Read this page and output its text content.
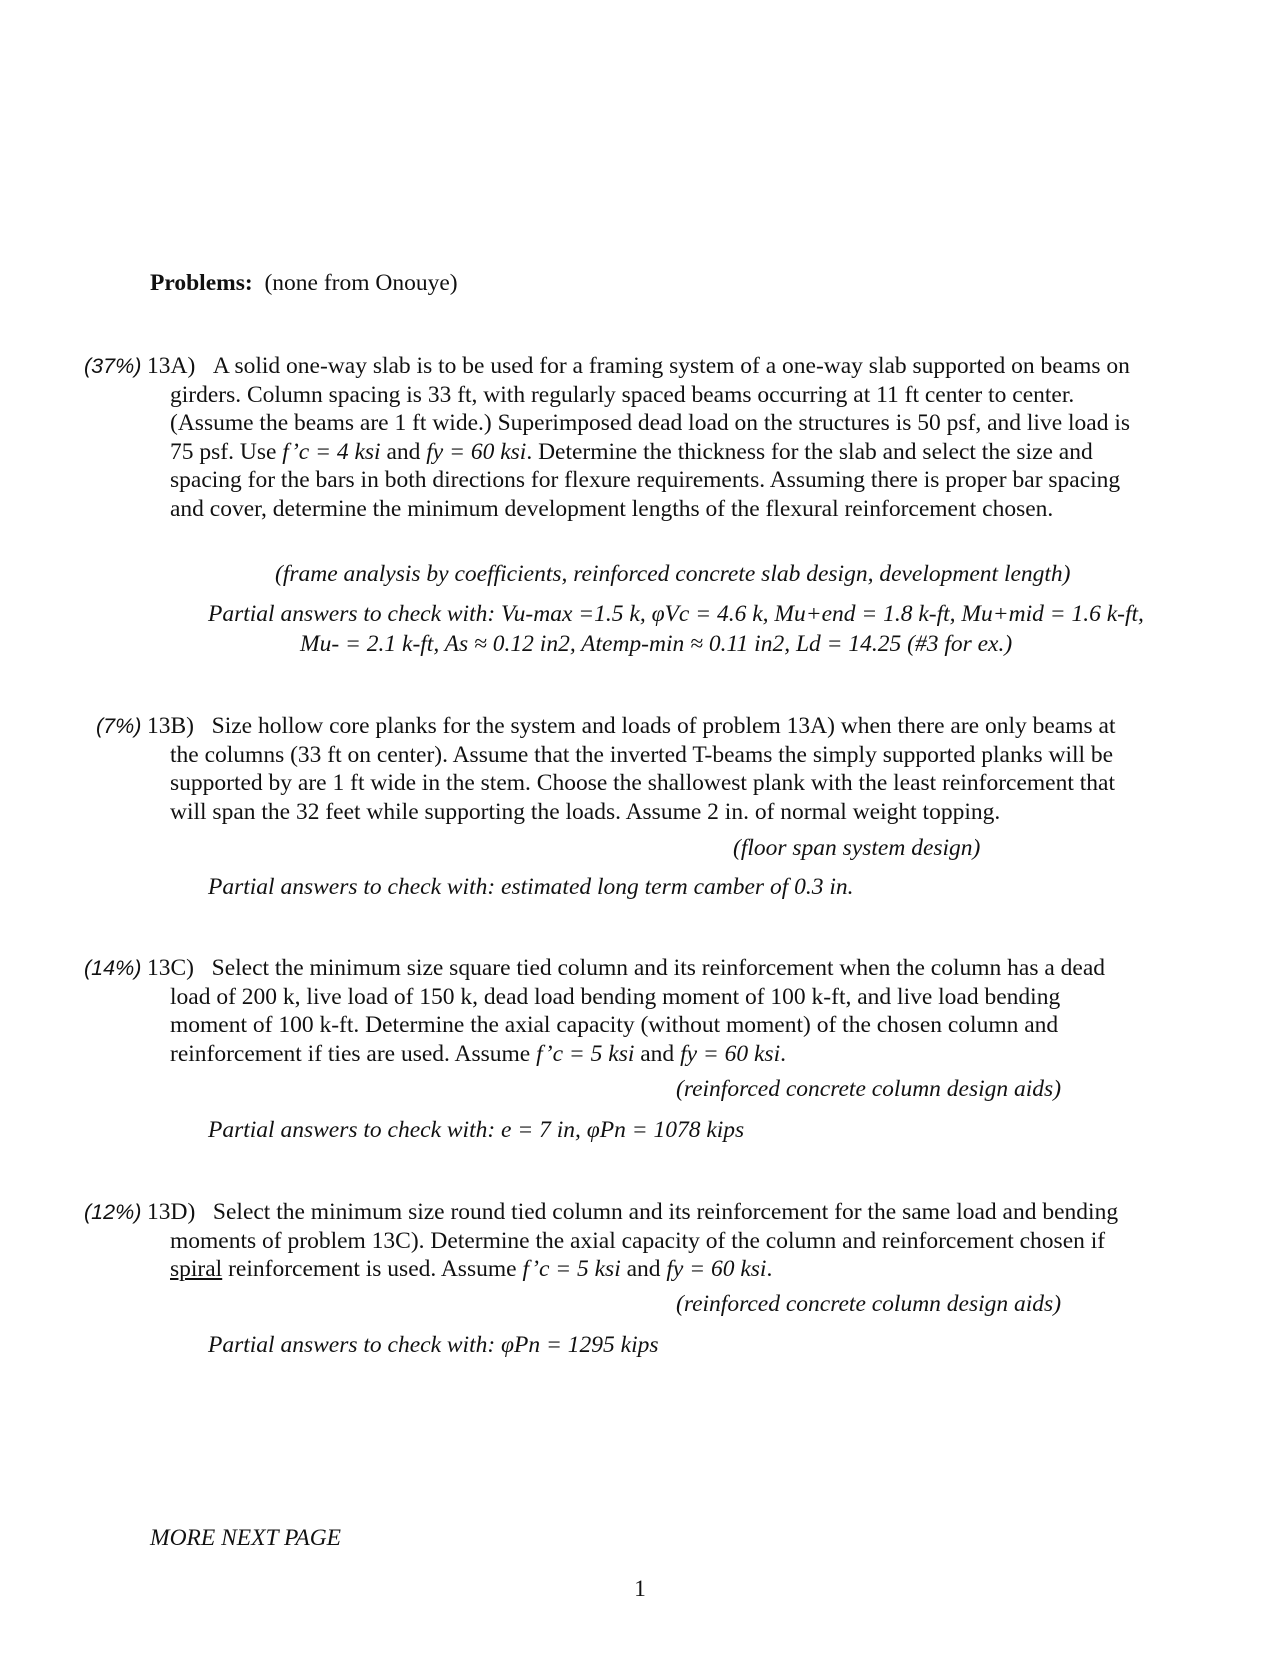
Problems: (none from Onouye)

(37%) 13A) A solid one-way slab is to be used for a framing system of a one-way slab supported on beams on girders. Column spacing is 33 ft, with regularly spaced beams occurring at 11 ft center to center. (Assume the beams are 1 ft wide.) Superimposed dead load on the structures is 50 psf, and live load is 75 psf. Use f’c = 4 ksi and fy = 60 ksi. Determine the thickness for the slab and select the size and spacing for the bars in both directions for flexure requirements. Assuming there is proper bar spacing and cover, determine the minimum development lengths of the flexural reinforcement chosen.

(frame analysis by coefficients, reinforced concrete slab design, development length)
Partial answers to check with: Vu-max =1.5 k, φVc = 4.6 k, Mu+end = 1.8 k-ft, Mu+mid = 1.6 k-ft,
Mu- = 2.1 k-ft, As ≈ 0.12 in2, Atemp-min ≈ 0.11 in2, Ld = 14.25 (#3 for ex.)

(7%) 13B) Size hollow core planks for the system and loads of problem 13A) when there are only beams at the columns (33 ft on center). Assume that the inverted T-beams the simply supported planks will be supported by are 1 ft wide in the stem. Choose the shallowest plank with the least reinforcement that will span the 32 feet while supporting the loads. Assume 2 in. of normal weight topping.

(floor span system design)
Partial answers to check with: estimated long term camber of 0.3 in.

(14%) 13C) Select the minimum size square tied column and its reinforcement when the column has a dead load of 200 k, live load of 150 k, dead load bending moment of 100 k-ft, and live load bending moment of 100 k-ft. Determine the axial capacity (without moment) of the chosen column and reinforcement if ties are used. Assume f’c = 5 ksi and fy = 60 ksi.

(reinforced concrete column design aids)
Partial answers to check with: e = 7 in, φPn = 1078 kips

(12%) 13D) Select the minimum size round tied column and its reinforcement for the same load and bending moments of problem 13C). Determine the axial capacity of the column and reinforcement chosen if spiral reinforcement is used. Assume f’c = 5 ksi and fy = 60 ksi.

(reinforced concrete column design aids)
Partial answers to check with: φPn = 1295 kips
MORE NEXT PAGE
1
